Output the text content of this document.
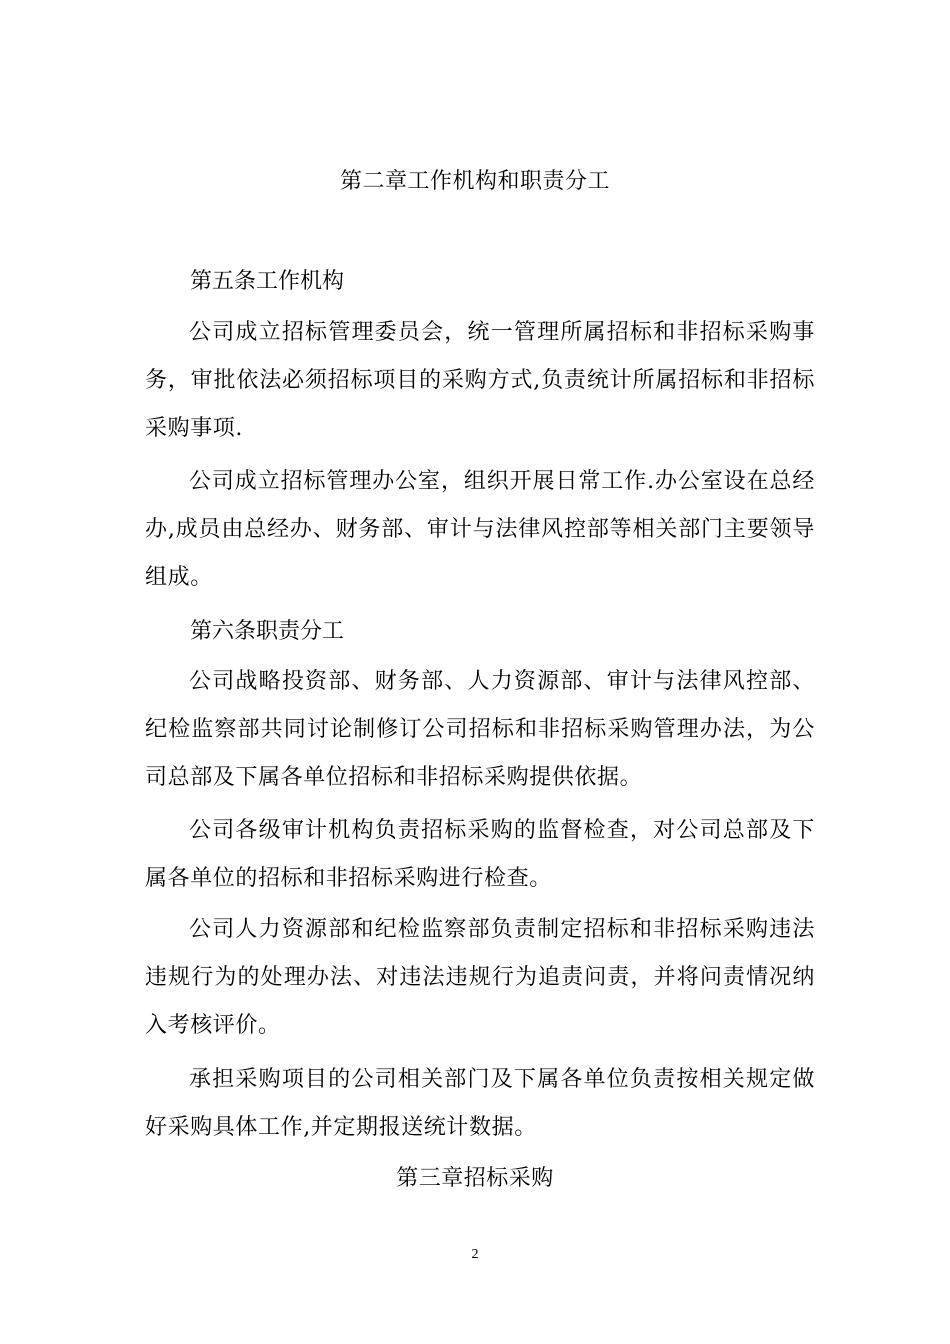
第二章工作机构和职责分工
第五条工作机构

公司成立招标管理委员会，统一管理所属招标和非招标采购事务，审批依法必须招标项目的采购方式,负责统计所属招标和非招标采购事项.

公司成立招标管理办公室，组织开展日常工作.办公室设在总经办,成员由总经办、财务部、审计与法律风控部等相关部门主要领导组成。

第六条职责分工

公司战略投资部、财务部、人力资源部、审计与法律风控部、纪检监察部共同讨论制修订公司招标和非招标采购管理办法，为公司总部及下属各单位招标和非招标采购提供依据。

公司各级审计机构负责招标采购的监督检查，对公司总部及下属各单位的招标和非招标采购进行检查。

公司人力资源部和纪检监察部负责制定招标和非招标采购违法违规行为的处理办法、对违法违规行为追责问责，并将问责情况纳入考核评价。

承担采购项目的公司相关部门及下属各单位负责按相关规定做好采购具体工作,并定期报送统计数据。

第三章招标采购
2
